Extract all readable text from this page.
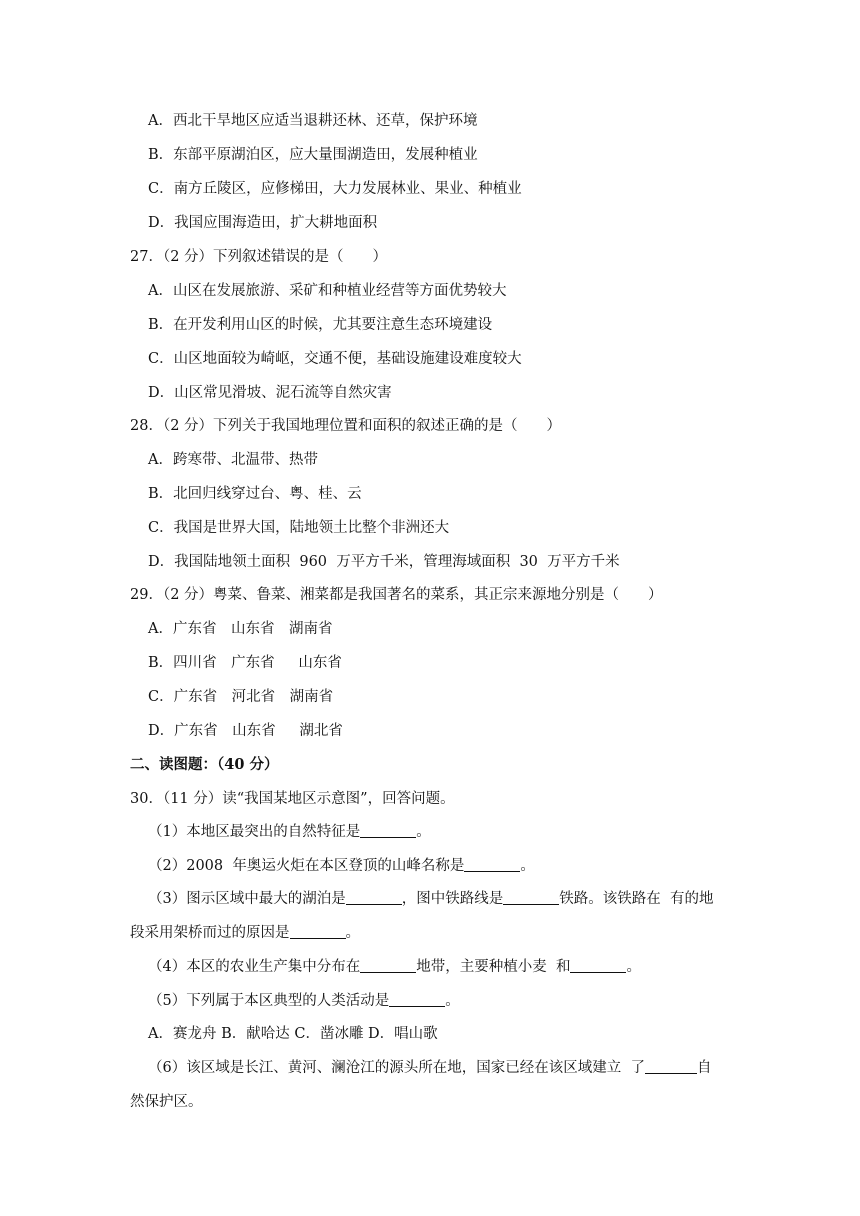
A．西北干旱地区应适当退耕还林、还草，保护环境
B．东部平原湖泊区，应大量围湖造田，发展种植业
C．南方丘陵区，应修梯田，大力发展林业、果业、种植业
D．我国应围海造田，扩大耕地面积
27．（2 分）下列叙述错误的是（　　）
A．山区在发展旅游、采矿和种植业经营等方面优势较大
B．在开发利用山区的时候，尤其要注意生态环境建设
C．山区地面较为崎岖，交通不便，基础设施建设难度较大
D．山区常见滑坡、泥石流等自然灾害
28．（2 分）下列关于我国地理位置和面积的叙述正确的是（　　）
A．跨寒带、北温带、热带
B．北回归线穿过台、粤、桂、云
C．我国是世界大国，陆地领土比整个非洲还大
D．我国陆地领土面积  960  万平方千米，管理海域面积  30  万平方千米
29．（2 分）粤菜、鲁菜、湘菜都是我国著名的菜系，其正宗来源地分别是（　　）
A．广东省　山东省　湖南省
B．四川省　广东省　  山东省
C．广东省　河北省　湖南省
D．广东省　山东省　  湖北省
二、读图题：（40 分）
30．（11 分）读“我国某地区示意图”，回答问题。
（1）本地区最突出的自然特征是	。
（2）2008  年奥运火炬在本区登顶的山峰名称是	。
（3）图示区域中最大的湖泊是	，图中铁路线是	铁路。该铁路在  有的地
段采用架桥而过的原因是	。
（4）本区的农业生产集中分布在	地带，主要种植小麦  和	。
（5）下列属于本区典型的人类活动是	。
A．赛龙舟 B．献哈达 C．凿冰雕 D．唱山歌
（6）该区域是长江、黄河、澜沧江的源头所在地，国家已经在该区域建立  了	自
然保护区。
